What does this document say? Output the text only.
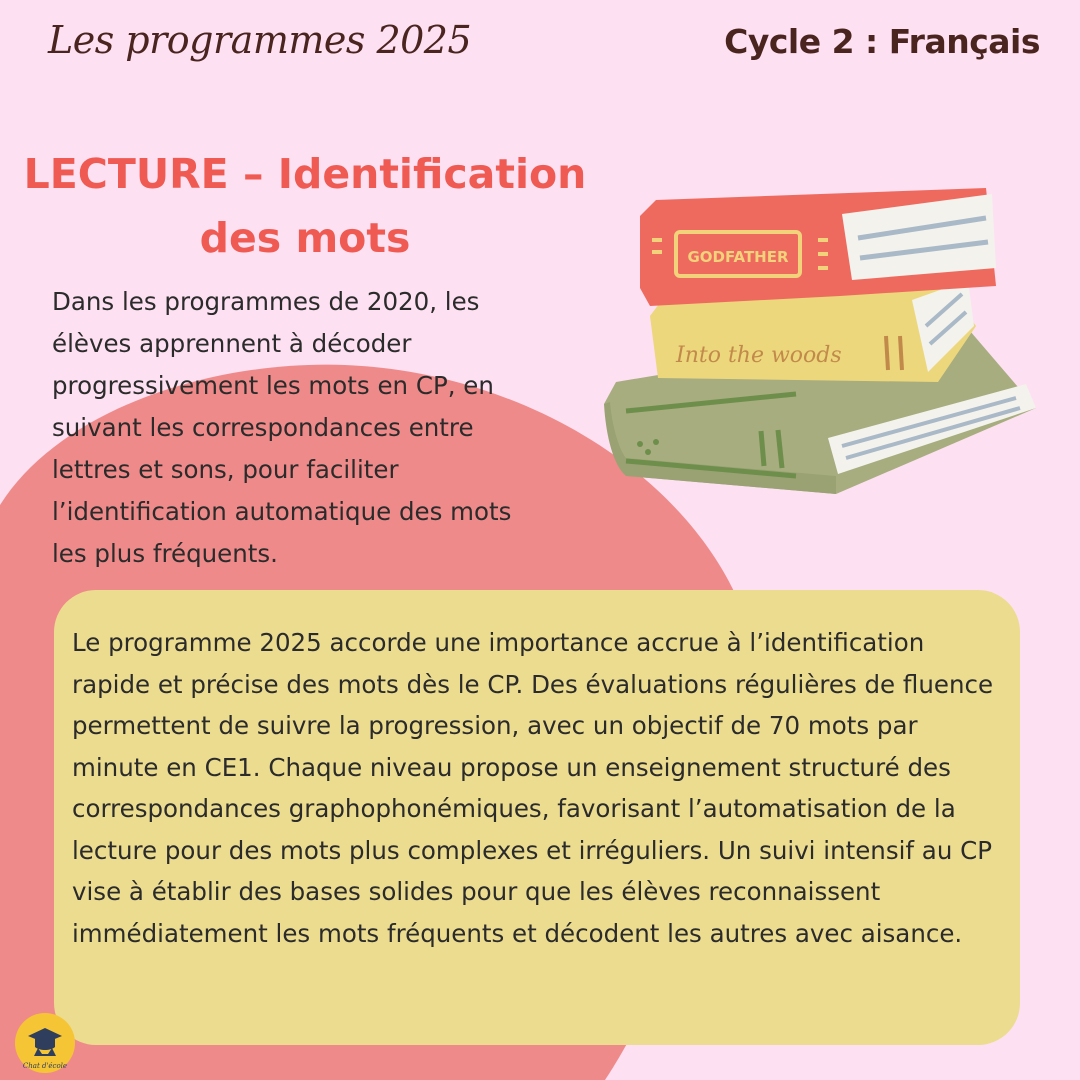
Les programmes 2025	Cycle 2 : Français
LECTURE – Identification
des mots
Dans les programmes de 2020, les élèves apprennent à décoder progressivement les mots en CP, en suivant les correspondances entre lettres et sons, pour faciliter l’identification automatique des mots les plus fréquents.
Into the woods
GODFATHER
Le programme 2025 accorde une importance accrue à l’identification rapide et précise des mots dès le CP. Des évaluations régulières de fluence permettent de suivre la progression, avec un objectif de 70 mots par minute en CE1. Chaque niveau propose un enseignement structuré des correspondances graphophonémiques, favorisant l’automatisation de la lecture pour des mots plus complexes et irréguliers. Un suivi intensif au CP vise à établir des bases solides pour que les élèves reconnaissent immédiatement les mots fréquents et décodent les autres avec aisance.
Chat d'école
